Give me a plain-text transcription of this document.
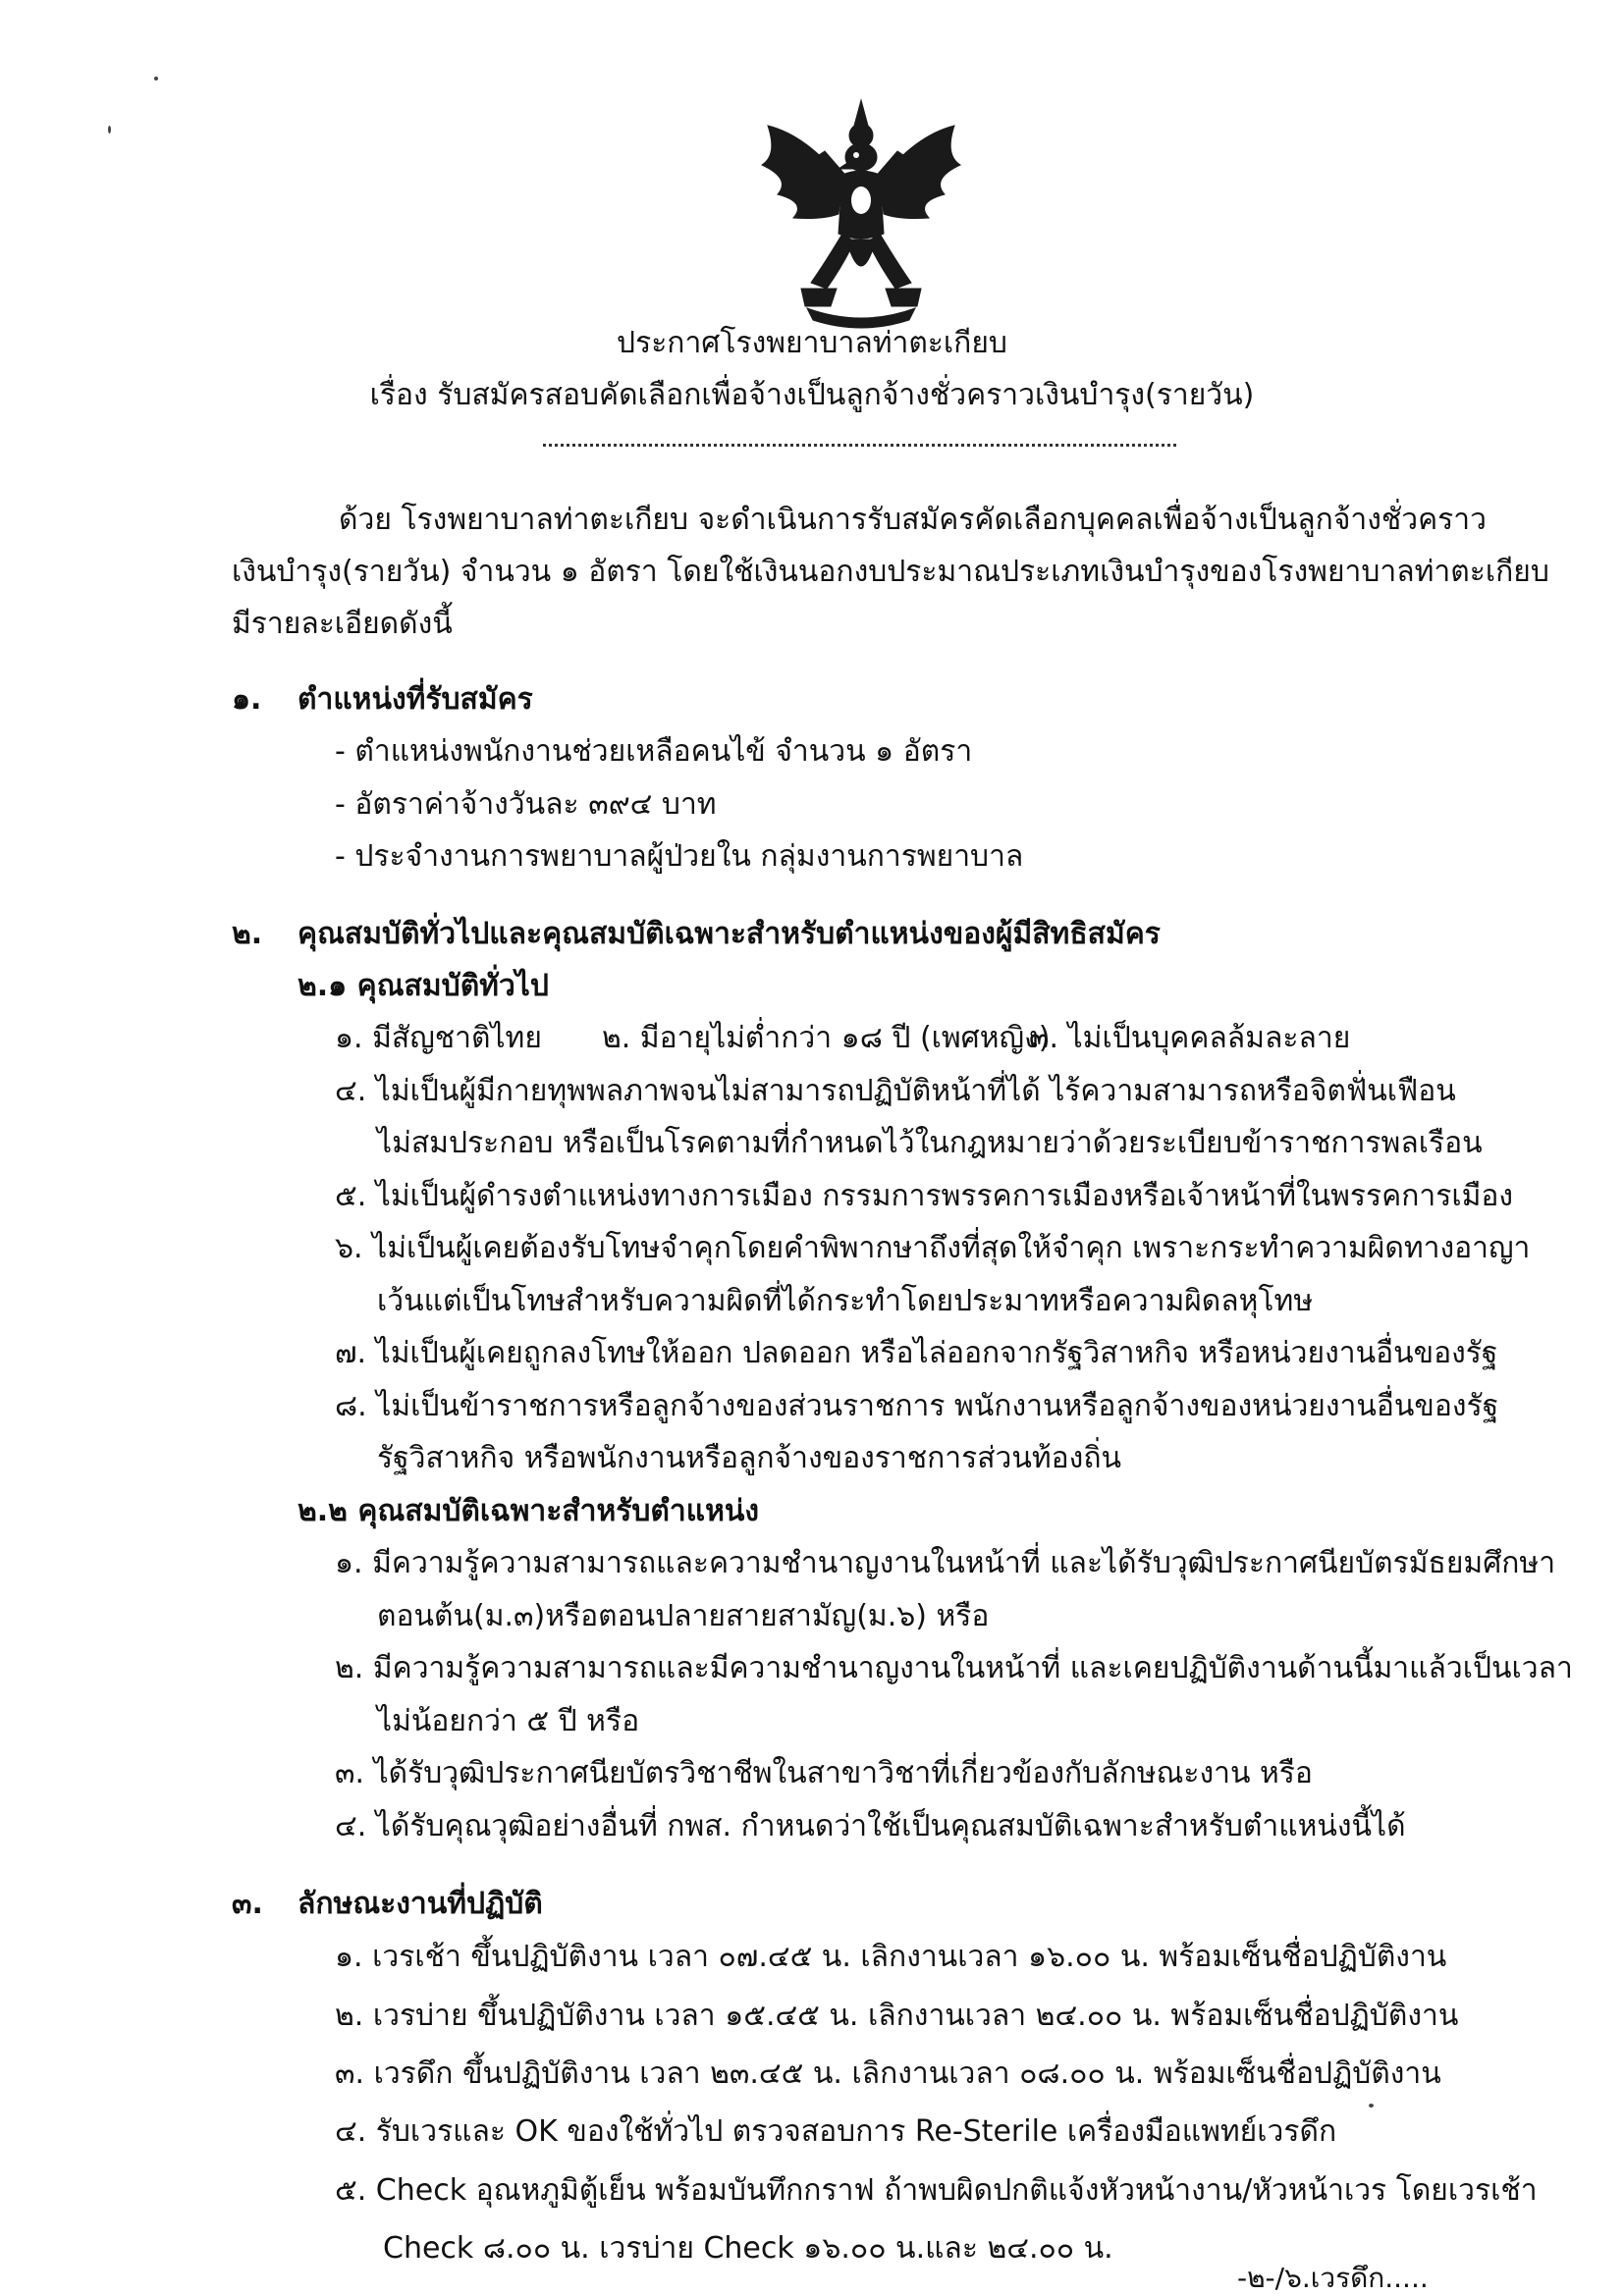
ประกาศโรงพยาบาลท่าตะเกียบ
เรื่อง รับสมัครสอบคัดเลือกเพื่อจ้างเป็นลูกจ้างชั่วคราวเงินบำรุง(รายวัน)
ด้วย โรงพยาบาลท่าตะเกียบ จะดำเนินการรับสมัครคัดเลือกบุคคลเพื่อจ้างเป็นลูกจ้างชั่วคราว
เงินบำรุง(รายวัน) จำนวน ๑ อัตรา โดยใช้เงินนอกงบประมาณประเภทเงินบำรุงของโรงพยาบาลท่าตะเกียบ
มีรายละเอียดดังนี้
๑. ตำแหน่งที่รับสมัคร
- ตำแหน่งพนักงานช่วยเหลือคนไข้ จำนวน ๑ อัตรา
- อัตราค่าจ้างวันละ ๓๙๔ บาท
- ประจำงานการพยาบาลผู้ป่วยใน กลุ่มงานการพยาบาล
๒. คุณสมบัติทั่วไปและคุณสมบัติเฉพาะสำหรับตำแหน่งของผู้มีสิทธิสมัคร
๒.๑ คุณสมบัติทั่วไป
๑. มีสัญชาติไทย ๒. มีอายุไม่ต่ำกว่า ๑๘ ปี (เพศหญิง)
๓. ไม่เป็นบุคคลล้มละลาย
๔. ไม่เป็นผู้มีกายทุพพลภาพจนไม่สามารถปฏิบัติหน้าที่ได้ ไร้ความสามารถหรือจิตฟั่นเฟือน
ไม่สมประกอบ หรือเป็นโรคตามที่กำหนดไว้ในกฎหมายว่าด้วยระเบียบข้าราชการพลเรือน
๕. ไม่เป็นผู้ดำรงตำแหน่งทางการเมือง กรรมการพรรคการเมืองหรือเจ้าหน้าที่ในพรรคการเมือง
๖. ไม่เป็นผู้เคยต้องรับโทษจำคุกโดยคำพิพากษาถึงที่สุดให้จำคุก เพราะกระทำความผิดทางอาญา
เว้นแต่เป็นโทษสำหรับความผิดที่ได้กระทำโดยประมาทหรือความผิดลหุโทษ
๗. ไม่เป็นผู้เคยถูกลงโทษให้ออก ปลดออก หรือไล่ออกจากรัฐวิสาหกิจ หรือหน่วยงานอื่นของรัฐ
๘. ไม่เป็นข้าราชการหรือลูกจ้างของส่วนราชการ พนักงานหรือลูกจ้างของหน่วยงานอื่นของรัฐ
รัฐวิสาหกิจ หรือพนักงานหรือลูกจ้างของราชการส่วนท้องถิ่น
๒.๒ คุณสมบัติเฉพาะสำหรับตำแหน่ง
๑. มีความรู้ความสามารถและความชำนาญงานในหน้าที่ และได้รับวุฒิประกาศนียบัตรมัธยมศึกษา
ตอนต้น(ม.๓)หรือตอนปลายสายสามัญ(ม.๖) หรือ
๒. มีความรู้ความสามารถและมีความชำนาญงานในหน้าที่ และเคยปฏิบัติงานด้านนี้มาแล้วเป็นเวลา
ไม่น้อยกว่า ๕ ปี หรือ
๓. ได้รับวุฒิประกาศนียบัตรวิชาชีพในสาขาวิชาที่เกี่ยวข้องกับลักษณะงาน หรือ
๔. ได้รับคุณวุฒิอย่างอื่นที่ กพส. กำหนดว่าใช้เป็นคุณสมบัติเฉพาะสำหรับตำแหน่งนี้ได้
๓. ลักษณะงานที่ปฏิบัติ
๑. เวรเช้า ขึ้นปฏิบัติงาน เวลา ๐๗.๔๕ น. เลิกงานเวลา ๑๖.๐๐ น. พร้อมเซ็นชื่อปฏิบัติงาน
๒. เวรบ่าย ขึ้นปฏิบัติงาน เวลา ๑๕.๔๕ น. เลิกงานเวลา ๒๔.๐๐ น. พร้อมเซ็นชื่อปฏิบัติงาน
๓. เวรดึก ขึ้นปฏิบัติงาน เวลา ๒๓.๔๕ น. เลิกงานเวลา ๐๘.๐๐ น. พร้อมเซ็นชื่อปฏิบัติงาน
๔. รับเวรและ OK ของใช้ทั่วไป ตรวจสอบการ Re-Sterile เครื่องมือแพทย์เวรดึก
๕. Check อุณหภูมิตู้เย็น พร้อมบันทึกกราฟ ถ้าพบผิดปกติแจ้งหัวหน้างาน/หัวหน้าเวร โดยเวรเช้า
Check ๘.๐๐ น. เวรบ่าย Check ๑๖.๐๐ น.และ ๒๔.๐๐ น.
-๒-/๖.เวรดึก.....
